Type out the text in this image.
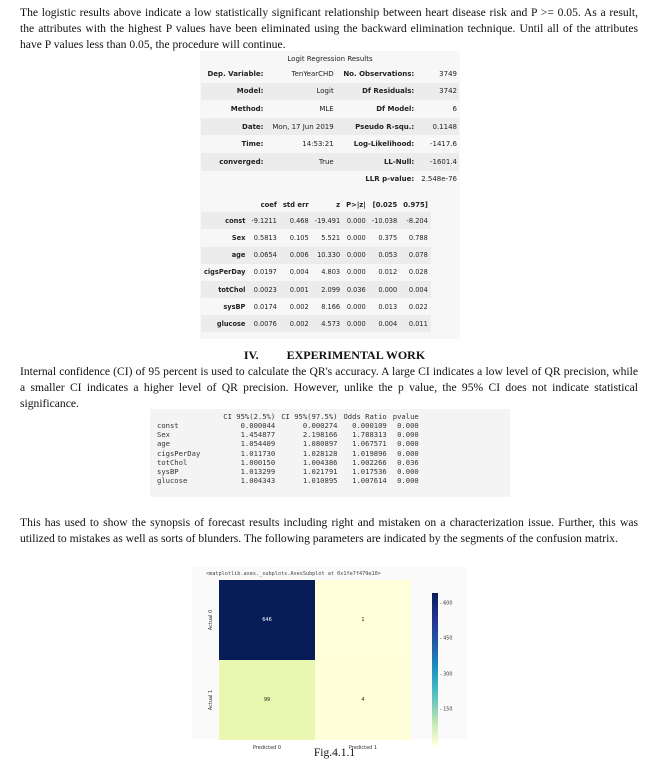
The logistic results above indicate a low statistically significant relationship between heart disease risk and P >= 0.05. As a result, the attributes with the highest P values have been eliminated using the backward elimination technique. Until all of the attributes have P values less than 0.05, the procedure will continue.

Logit Regression Results
Dep. Variable:	TenYearCHD	No. Observations:	3749
Model:	Logit	Df Residuals:	3742
Method:	MLE	Df Model:	6
Date:	Mon, 17 Jun 2019	Pseudo R-squ.:	0.1148
Time:	14:53:21	Log-Likelihood:	-1417.6
converged:	True	LL-Null:	-1601.4
		LLR p-value:	2.548e-76
	coef	std err	z	P>|z|	[0.025	0.975]
const	-9.1211	0.468	-19.491	0.000	-10.038	-8.204
Sex	0.5813	0.105	5.521	0.000	0.375	0.788
age	0.0654	0.006	10.330	0.000	0.053	0.078
cigsPerDay	0.0197	0.004	4.803	0.000	0.012	0.028
totChol	0.0023	0.001	2.099	0.036	0.000	0.004
sysBP	0.0174	0.002	8.166	0.000	0.013	0.022
glucose	0.0076	0.002	4.573	0.000	0.004	0.011
IV. EXPERIMENTAL WORK

Internal confidence (CI) of 95 percent is used to calculate the QR's accuracy. A large CI indicates a low level of QR precision, while a smaller CI indicates a higher level of QR precision. However, unlike the p value, the 95% CI does not indicate statistical significance.

	CI 95%(2.5%)	CI 95%(97.5%)	Odds Ratio	pvalue
const	0.000044	0.000274	0.000109	0.000
Sex	1.454877	2.198166	1.788313	0.000
age	1.054409	1.080897	1.067571	0.000
cigsPerDay	1.011730	1.028128	1.019896	0.000
totChol	1.000150	1.004386	1.002266	0.036
sysBP	1.013299	1.021791	1.017536	0.000
glucose	1.004343	1.010895	1.007614	0.000

This has used to show the synopsis of forecast results including right and mistaken on a characterization issue. Further, this was utilized to mistakes as well as sorts of blunders. The following parameters are indicated by the segments of the confusion matrix.

<matplotlib.axes._subplots.AxesSubplot at 0x1fe7f479e10>
646	1
99	4
Actual 0
Actual 1
Predicted 0	Predicted 1
- 150
- 300
- 450
- 600
Fig.4.1.1
